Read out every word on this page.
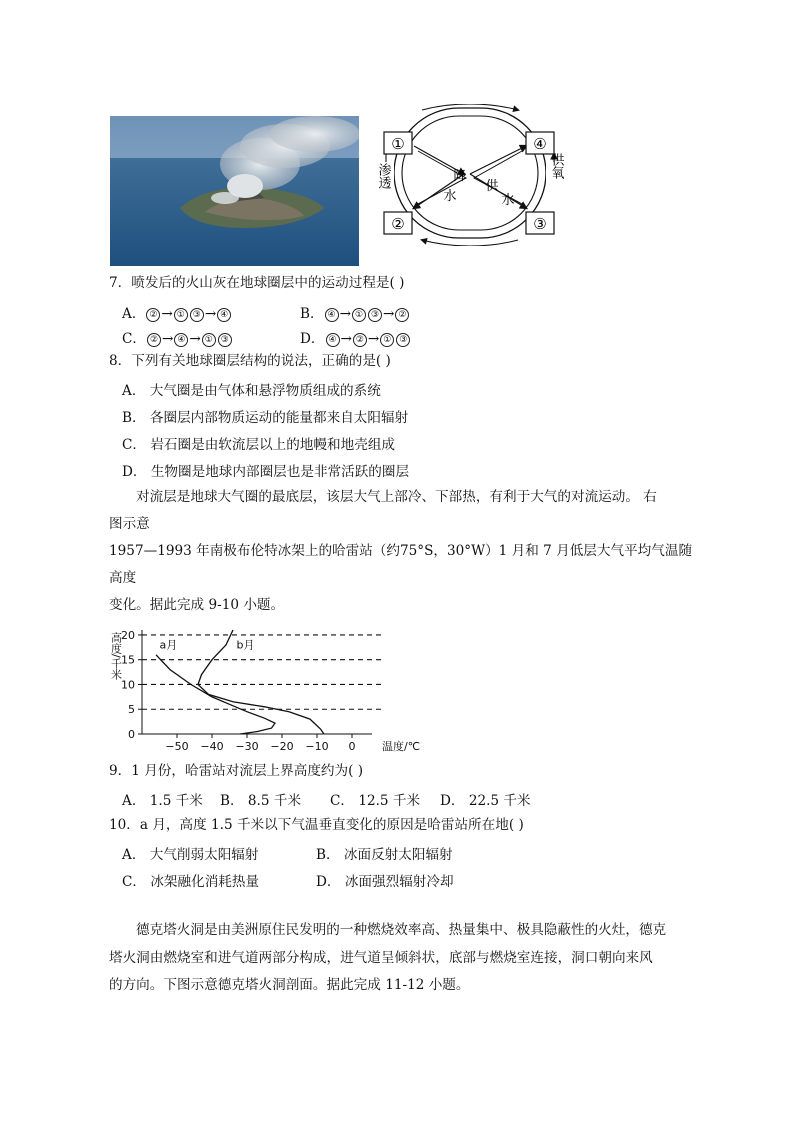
①
②
④
③
渗透	供氧
降
水
供
水
7．喷发后的火山灰在地球圈层中的运动过程是( )
A． ② → ① ③ → ④	B． ④ → ① ③ → ②
C． ② → ④ → ① ③	D． ④ → ② → ① ③
8．下列有关地球圈层结构的说法，正确的是( )
A． 大气圈是由气体和悬浮物质组成的系统
B． 各圈层内部物质运动的能量都来自太阳辐射
C． 岩石圈是由软流层以上的地幔和地壳组成
D． 生物圈是地球内部圈层也是非常活跃的圈层
对流层是地球大气圈的最底层，该层大气上部冷、下部热，有利于大气的对流运动。 右
图示意
1957—1993 年南极布伦特冰架上的哈雷站（约75°S，30°W）1 月和 7 月低层大气平均气温随
高度
变化。据此完成 9-10 小题。
−50 −40 −30 −20 −10 0
0
5
10
15
20
a月	b月
高度/千米
温度/℃
9．1 月份，哈雷站对流层上界高度约为( )
A． 1.5 千米 B． 8.5 千米 C． 12.5 千米 D． 22.5 千米
10．a 月，高度 1.5 千米以下气温垂直变化的原因是哈雷站所在地( )
A． 大气削弱太阳辐射	B． 冰面反射太阳辐射
C． 冰架融化消耗热量	D． 冰面强烈辐射冷却
德克塔火洞是由美洲原住民发明的一种燃烧效率高、热量集中、极具隐蔽性的火灶，德克
塔火洞由燃烧室和进气道两部分构成，进气道呈倾斜状，底部与燃烧室连接，洞口朝向来风
的方向。下图示意德克塔火洞剖面。据此完成 11-12 小题。
